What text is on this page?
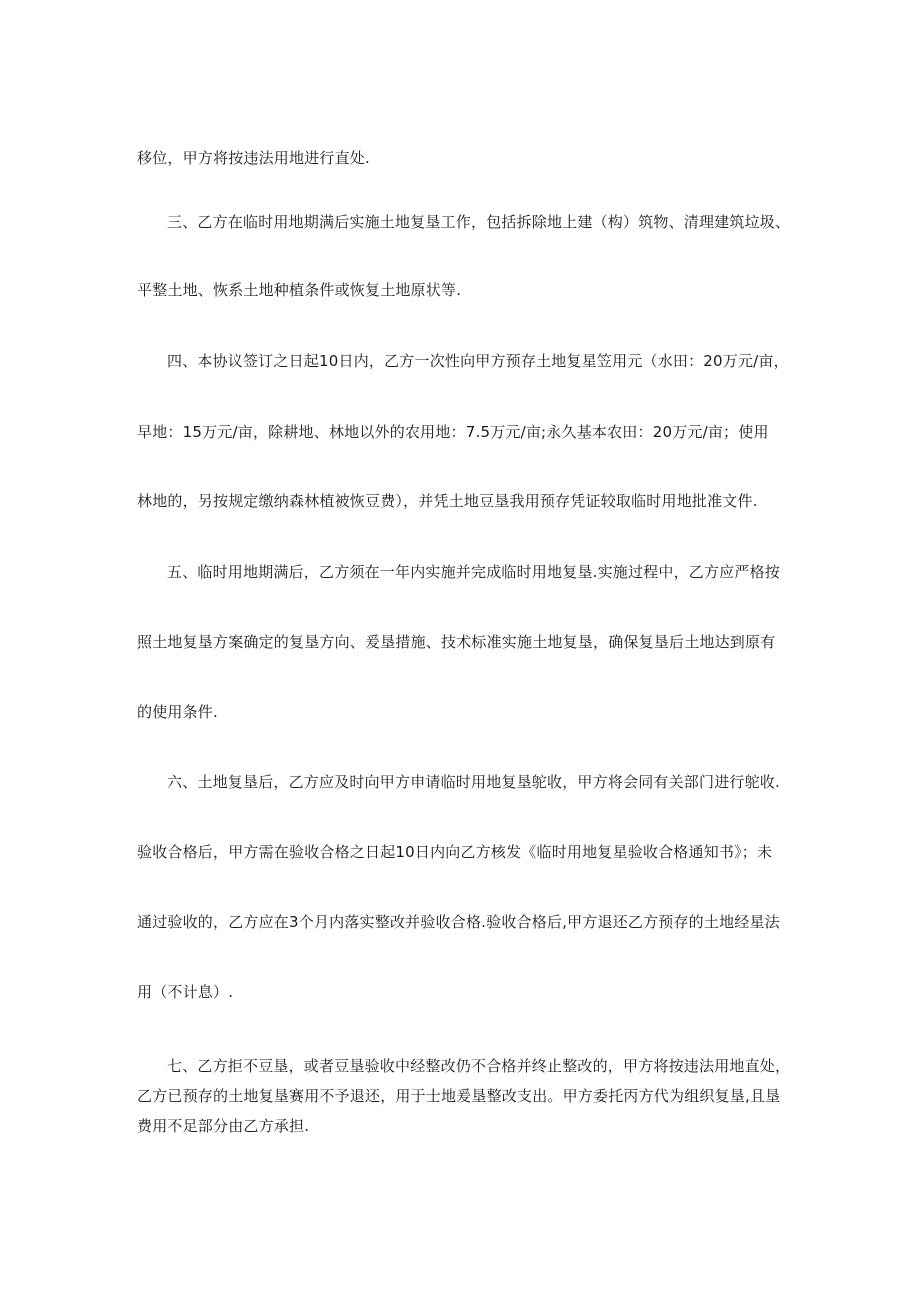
移位，甲方将按违法用地进行直处.
三、乙方在临时用地期满后实施土地复垦工作，包括拆除地上建（构）筑物、清理建筑垃圾、
平整土地、恢系土地种植条件或恢复土地原状等.
四、本协议签订之日起10日内，乙方一次性向甲方预存土地复星笠用元（水田：20万元/亩，
早地：15万元/亩，除耕地、林地以外的农用地：7.5万元/亩;永久基本农田：20万元/亩；使用
林地的，另按规定缴纳森林植被恢豆费），并凭土地豆垦我用预存凭证较取临时用地批准文件.
五、临时用地期满后，乙方须在一年内实施并完成临时用地复垦.实施过程中，乙方应严格按
照土地复垦方案确定的复垦方向、爰垦措施、技术标准实施土地复垦，确保复垦后土地达到原有
的使用条件.
六、土地复垦后，乙方应及时向甲方申请临时用地复垦鸵收，甲方将会同有关部门进行鸵收.
验收合格后，甲方需在验收合格之日起10日内向乙方核发《临时用地复星验收合格通知书》；未
通过验收的，乙方应在3个月内落实整改并验收合格.验收合格后,甲方退还乙方预存的土地经星法
用（不计息）.
七、乙方拒不豆垦，或者豆垦验收中经整改仍不合格并终止整改的，甲方将按违法用地直处，
乙方已预存的土地复垦赛用不予退还，用于士地爰垦整改支出。甲方委托丙方代为组织复垦,且垦
费用不足部分由乙方承担.
